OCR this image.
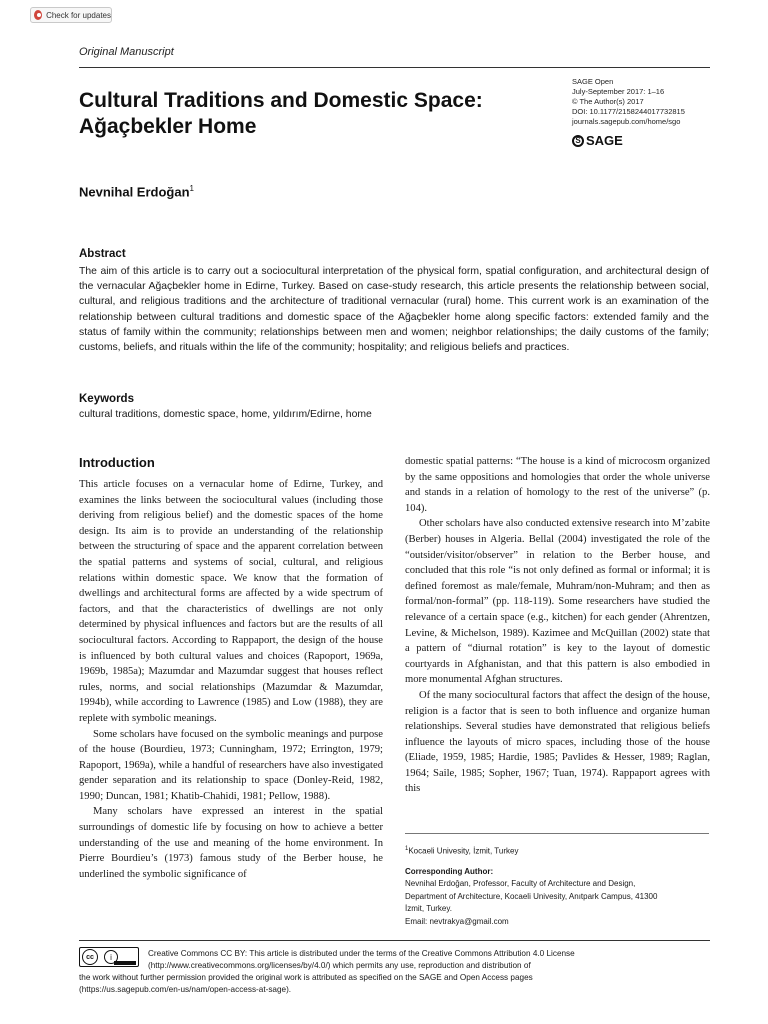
Check for updates
Original Manuscript
Cultural Traditions and Domestic Space:
Ağaçbekler Home
SAGE Open
July-September 2017: 1–16
© The Author(s) 2017
DOI: 10.1177/2158244017732815
journals.sagepub.com/home/sgo
S SAGE
Nevnihal Erdoğan$^1$
Abstract

The aim of this article is to carry out a sociocultural interpretation of the physical form, spatial configuration, and architectural design of the vernacular Ağaçbekler home in Edirne, Turkey. Based on case-study research, this article presents the relationship between social, cultural, and religious traditions and the architecture of traditional vernacular (rural) home. This current work is an examination of the relationship between cultural traditions and domestic space of the Ağaçbekler home along specific factors: extended family and the status of family within the community; relationships between men and women; neighbor relationships; the daily customs of the family; customs, beliefs, and rituals within the life of the community; hospitality; and religious beliefs and practices.

Keywords
cultural traditions, domestic space, home, yıldırım/Edirne, home
Introduction

This article focuses on a vernacular home of Edirne, Turkey, and examines the links between the sociocultural values (including those deriving from religious belief) and the domestic spaces of the home design. Its aim is to provide an understanding of the relationship between the structuring of space and the apparent correlation between the spatial patterns and systems of social, cultural, and religious relations within domestic space. We know that the formation of dwellings and architectural forms are affected by a wide spectrum of factors, and that the characteristics of dwellings are not only determined by physical influences and factors but are the results of all sociocultural factors. According to Rappaport, the design of the house is influenced by both cultural values and choices (Rapoport, 1969a, 1969b, 1985a); Mazumdar and Mazumdar suggest that houses reflect rules, norms, and social relationships (Mazumdar & Mazumdar, 1994b), while according to Lawrence (1985) and Low (1988), they are replete with symbolic meanings.

Some scholars have focused on the symbolic meanings and purpose of the house (Bourdieu, 1973; Cunningham, 1972; Errington, 1979; Rapoport, 1969a), while a handful of researchers have also investigated gender separation and its relationship to space (Donley-Reid, 1982, 1990; Duncan, 1981; Khatib-Chahidi, 1981; Pellow, 1988).

Many scholars have expressed an interest in the spatial surroundings of domestic life by focusing on how to achieve a better understanding of the use and meaning of the home environment. In Pierre Bourdieu’s (1973) famous study of the Berber house, he underlined the symbolic significance of

domestic spatial patterns: “The house is a kind of microcosm organized by the same oppositions and homologies that order the whole universe and stands in a relation of homology to the rest of the universe” (p. 104).

Other scholars have also conducted extensive research into M’zabite (Berber) houses in Algeria. Bellal (2004) investigated the role of the “outsider/visitor/observer” in relation to the Berber house, and concluded that this role “is not only defined as formal or informal; it is defined foremost as male/female, Muhram/non-Muhram; and then as formal/non-formal” (pp. 118-119). Some researchers have studied the relevance of a certain space (e.g., kitchen) for each gender (Ahrentzen, Levine, & Michelson, 1989). Kazimee and McQuillan (2002) state that a pattern of “diurnal rotation” is key to the layout of domestic courtyards in Afghanistan, and that this pattern is also embodied in more monumental Afghan structures.

Of the many sociocultural factors that affect the design of the house, religion is a factor that is seen to both influence and organize human relationships. Several studies have demonstrated that religious beliefs influence the layouts of micro spaces, including those of the house (Eliade, 1959, 1985; Hardie, 1985; Pavlides & Hesser, 1989; Raglan, 1964; Saile, 1985; Sopher, 1967; Tuan, 1974). Rappaport agrees with this

$^1$Kocaeli Univesity, İzmit, Turkey
Corresponding Author:
Nevnihal Erdoğan, Professor, Faculty of Architecture and Design,
Department of Architecture, Kocaeli Univesity, Anıtpark Campus, 41300
İzmit, Turkey.
Email: nevtrakya@gmail.com
cc	i	Creative Commons CC BY: This article is distributed under the terms of the Creative Commons Attribution 4.0 License
(http://www.creativecommons.org/licenses/by/4.0/) which permits any use, reproduction and distribution of
the work without further permission provided the original work is attributed as specified on the SAGE and Open Access pages
(https://us.sagepub.com/en-us/nam/open-access-at-sage).
